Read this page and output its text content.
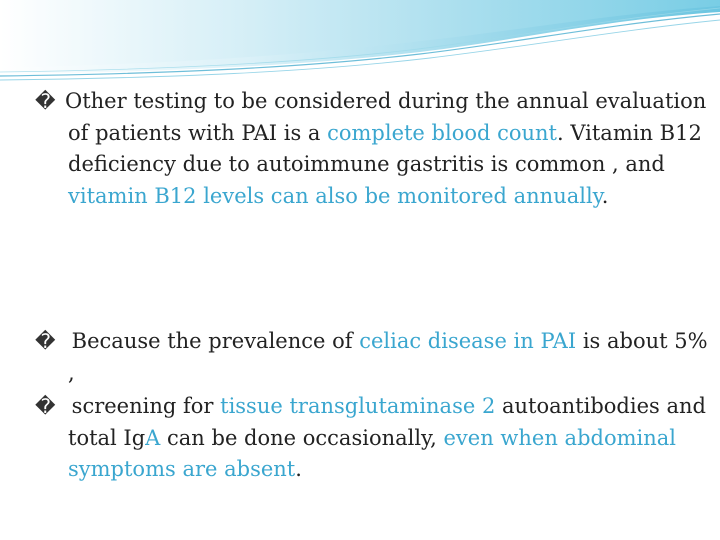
� Other testing to be considered during the annual evaluation of patients with PAI is a complete blood count. Vitamin B12 deficiency due to autoimmune gastritis is common , and vitamin B12 levels can also be monitored annually.

� Because the prevalence of celiac disease in PAI is about 5% ,

� screening for tissue transglutaminase 2 autoantibodies and total IgA can be done occasionally, even when abdominal symptoms are absent.
